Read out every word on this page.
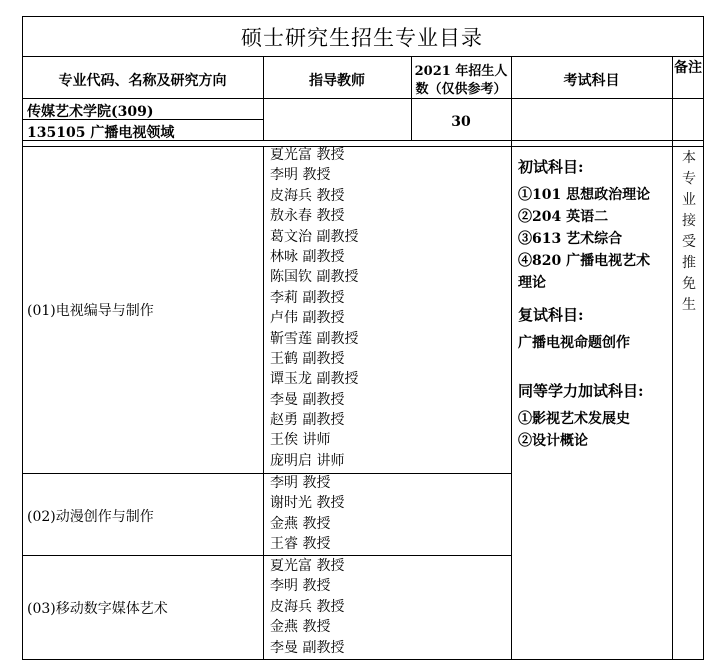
硕士研究生招生专业目录
专业代码、名称及研究方向	指导教师
2021 年招生人
数（仅供参考）
考试科目
备注
传媒艺术学院(309)
135105 广播电视领域
30
(01)电视编导与制作
(02)动漫创作与制作
(03)移动数字媒体艺术
夏光富 教授
李明 教授
皮海兵 教授
敖永春 教授
葛文治 副教授
林咏 副教授
陈国钦 副教授
李莉 副教授
卢伟 副教授
靳雪莲 副教授
王鹤 副教授
谭玉龙 副教授
李曼 副教授
赵勇 副教授
王俟 讲师
庞明启 讲师
李明 教授
谢时光 教授
金燕 教授
王睿 教授
夏光富 教授
李明 教授
皮海兵 教授
金燕 教授
李曼 副教授
初试科目:
①101 思想政治理论
②204 英语二
③613 艺术综合
④820 广播电视艺术
理论
复试科目:
广播电视命题创作
同等学力加试科目:
①影视艺术发展史
②设计概论
本
专
业
接
受
推
免
生
